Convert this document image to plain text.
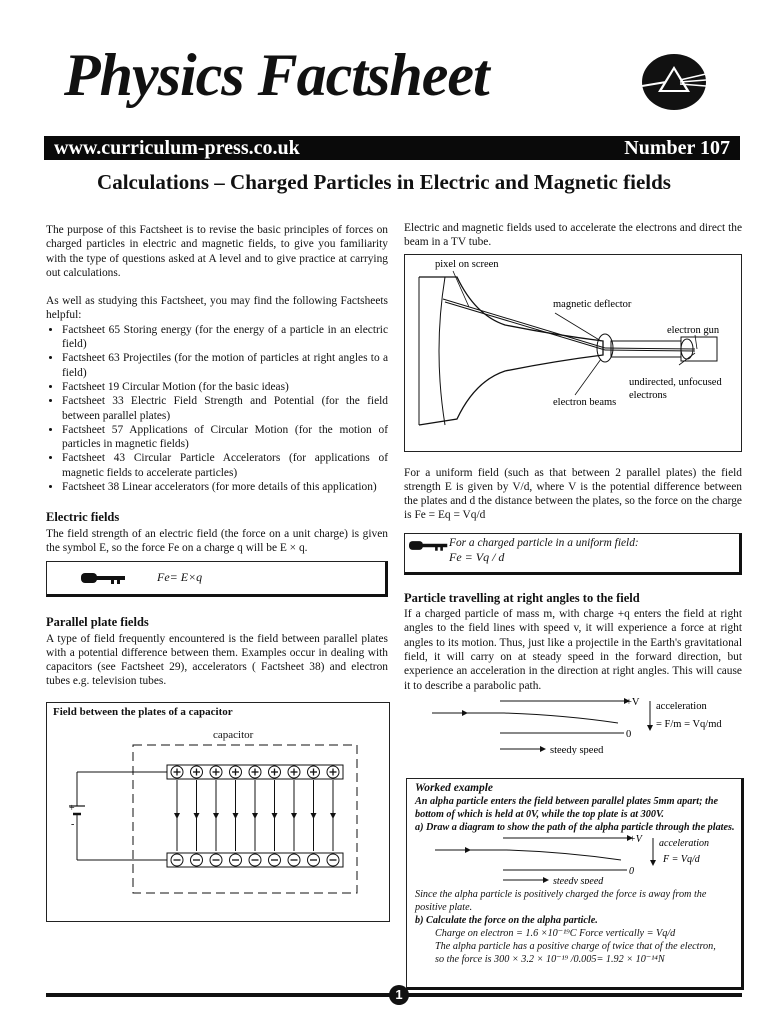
Physics Factsheet
www.curriculum-press.co.uk	Number 107
Calculations – Charged Particles in Electric and Magnetic fields

The purpose of this Factsheet is to revise the basic principles of forces on charged particles in electric and magnetic fields, to give you familiarity with the type of questions asked at A level and to give practice at carrying out calculations.

As well as studying this Factsheet, you may find the following Factsheets helpful:

• Factsheet 65 Storing energy (for the energy of a particle in an electric field)
• Factsheet 63 Projectiles (for the motion of particles at right angles to a field)
• Factsheet 19 Circular Motion (for the basic ideas)
• Factsheet 33 Electric Field Strength and Potential (for the field between parallel plates)
• Factsheet 57 Applications of Circular Motion (for the motion of particles in magnetic fields)
• Factsheet 43 Circular Particle Accelerators (for applications of magnetic fields to accelerate particles)
• Factsheet 38 Linear accelerators (for more details of this application)
Electric fields

The field strength of an electric field (the force on a unit charge) is given the symbol E, so the force Fe on a charge q will be E × q.

Fe= E×q
Parallel plate fields

A type of field frequently encountered is the field between parallel plates with a potential difference between them. Examples occur in dealing with capacitors (see Factsheet 29), accelerators ( Factsheet 38) and electron tubes e.g. television tubes.

Field between the plates of a capacitor
capacitor
+
-

Electric and magnetic fields used to accelerate the electrons and direct the beam in a TV tube.

pixel on screen
magnetic deflector
electron gun
undirected, unfocused
electrons
electron beams

For a uniform field (such as that between 2 parallel plates) the field strength E is given by V/d, where V is the potential difference between the plates and d the distance between the plates, so the force on the charge is Fe = Eq = Vq/d

For a charged particle in a uniform field:
Fe = Vq / d
Particle travelling at right angles to the field

If a charged particle of mass m, with charge +q enters the field at right angles to the field lines with speed v, it will experience a force at right angles to its motion. Thus, just like a projectile in the Earth's gravitational field, it will carry on at steady speed in the forward direction, but experience an acceleration in the direction at right angles. This will cause it to describe a parabolic path.

+V
0
acceleration
= F/m = Vq/md
steedy speed
Worked example
An alpha particle enters the field between parallel plates 5mm apart; the bottom of which is held at 0V, while the top plate is at 300V.
a) Draw a diagram to show the path of the alpha particle through the plates.
+V
0
acceleration
F = Vq/d
steedy speed
Since the alpha particle is positively charged the force is away from the positive plate.
b) Calculate the force on the alpha particle.
Charge on electron = 1.6 ×10⁻¹⁹C Force vertically = Vq/d
The alpha particle has a positive charge of twice that of the electron,
so the force is 300 × 3.2 × 10⁻¹⁹ /0.005= 1.92 × 10⁻¹⁴N
1
